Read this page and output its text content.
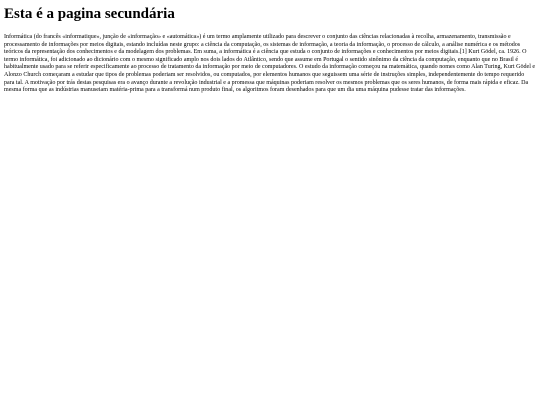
Esta é a pagina secundária

Informática (do francês «informatique», junção de «informação» e «automática») é um termo amplamente utilizado para descrever o conjunto das ciências relacionadas à recolha, armazenamento, transmissão e processamento de informações por meios digitais, estando incluídas neste grupo: a ciência da computação, os sistemas de informação, a teoria da informação, o processo de cálculo, a análise numérica e os métodos teóricos da representação dos conhecimentos e da modelagem dos problemas. Em suma, a informática é a ciência que estuda o conjunto de informações e conhecimentos por meios digitais.[1] Kurt Gödel, ca. 1926. O termo informática, foi adicionado ao dicionário com o mesmo significado amplo nos dois lados do Atlântico, sendo que assume em Portugal o sentido sinônimo da ciência da computação, enquanto que no Brasil é habitualmente usado para se referir especificamente ao processo de tratamento da informação por meio de computadores. O estudo da informação começou na matemática, quando nomes como Alan Turing, Kurt Gödel e Alonzo Church começaram a estudar que tipos de problemas poderiam ser resolvidos, ou computados, por elementos humanos que seguissem uma série de instruções simples, independentemente do tempo requerido para tal. A motivação por trás destas pesquisas era o avanço durante a revolução industrial e a promessa que máquinas poderiam resolver os mesmos problemas que os seres humanos, de forma mais rápida e eficaz. Da mesma forma que as indústrias manuseiam matéria-prima para a transformá num produto final, os algoritmos foram desenhados para que um dia uma máquina pudesse tratar das informações.
